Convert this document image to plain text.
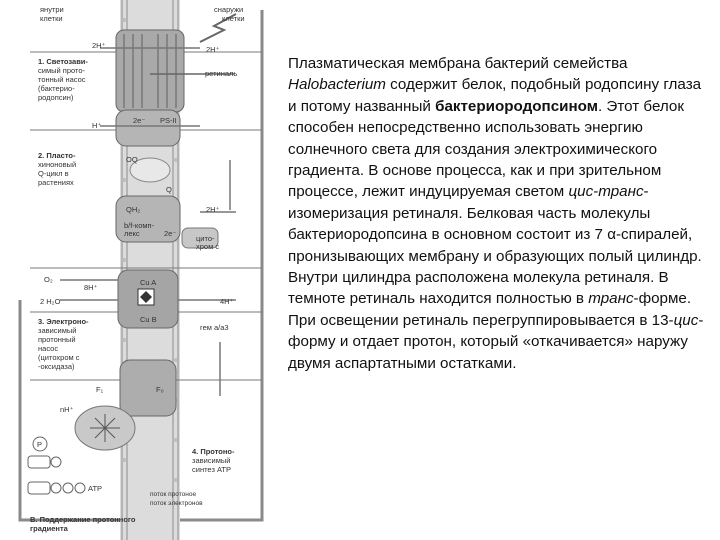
янутри
клетки
снаружи
клетки
1. Светозави-
симый прото-
тонный насос
(бактерио-
родопсин)
2. Пласто-
хиноновый
Q-цикл в
растениях
3. Электроно-
зависимый
протонный
насос
(цитохром с
-оксидаза)
4. Протоно-
зависимый
синтез АТР
ретиналь
2H⁺	2H⁺
H⁺
2H⁺
2e⁻ PS-II
OQ
Q
QH₂
b/f-комп-
лекс	2e⁻
цито-
хром с
O₂
8H⁺
2 H₂O	4H⁺
Cu A
Cu B
гем a/a3
F₁	F₀
nH⁺
P
ATP
поток протоное
поток электронов
B. Поддержание протонного
градиента

Плазматическая мембрана бактерий семейства Halobacterium содержит белок, подобный родопсину глаза и потому названный бактериородопсином. Этот белок способен непосредственно использовать энергию солнечного света для создания электрохимического градиента. В основе процесса, как и при зрительном процессе, лежит индуцируемая светом цис-транс-изомеризация ретиналя. Белковая часть молекулы бактериородопсина в основном состоит из 7 α-спиралей, пронизывающих мембрану и образующих полый цилиндр. Внутри цилиндра расположена молекула ретиналя. В темноте ретиналь находится полностью в транс-форме. При освещении ретиналь перегруппировывается в 13-цис-форму и отдает протон, который «откачивается» наружу двумя аспартатными остатками.
